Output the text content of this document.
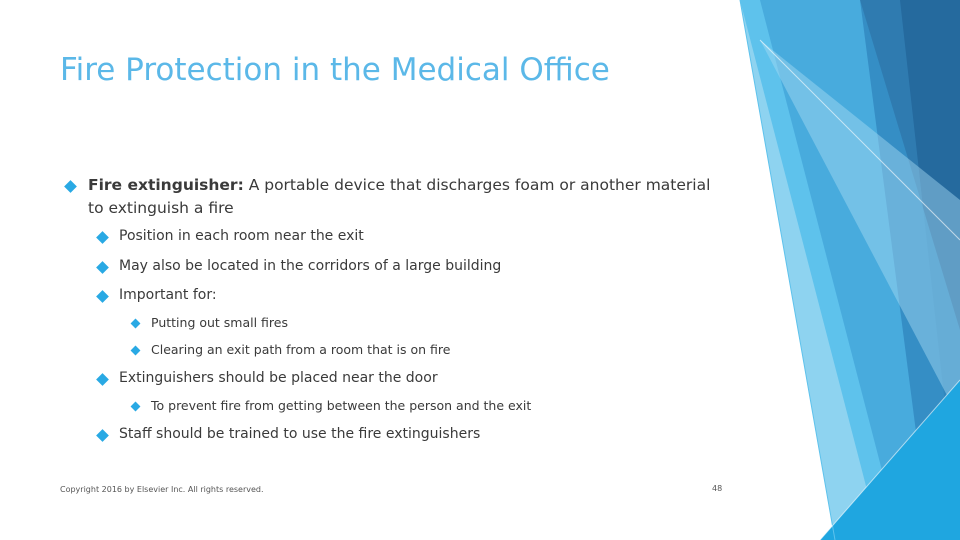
Fire Protection in the Medical Office
Fire extinguisher: A portable device that discharges foam or another material
to extinguish a fire
Position in each room near the exit
May also be located in the corridors of a large building
Important for:
Putting out small fires
Clearing an exit path from a room that is on fire
Extinguishers should be placed near the door
To prevent fire from getting between the person and the exit
Staff should be trained to use the fire extinguishers
Copyright 2016 by Elsevier Inc. All rights reserved.	48
